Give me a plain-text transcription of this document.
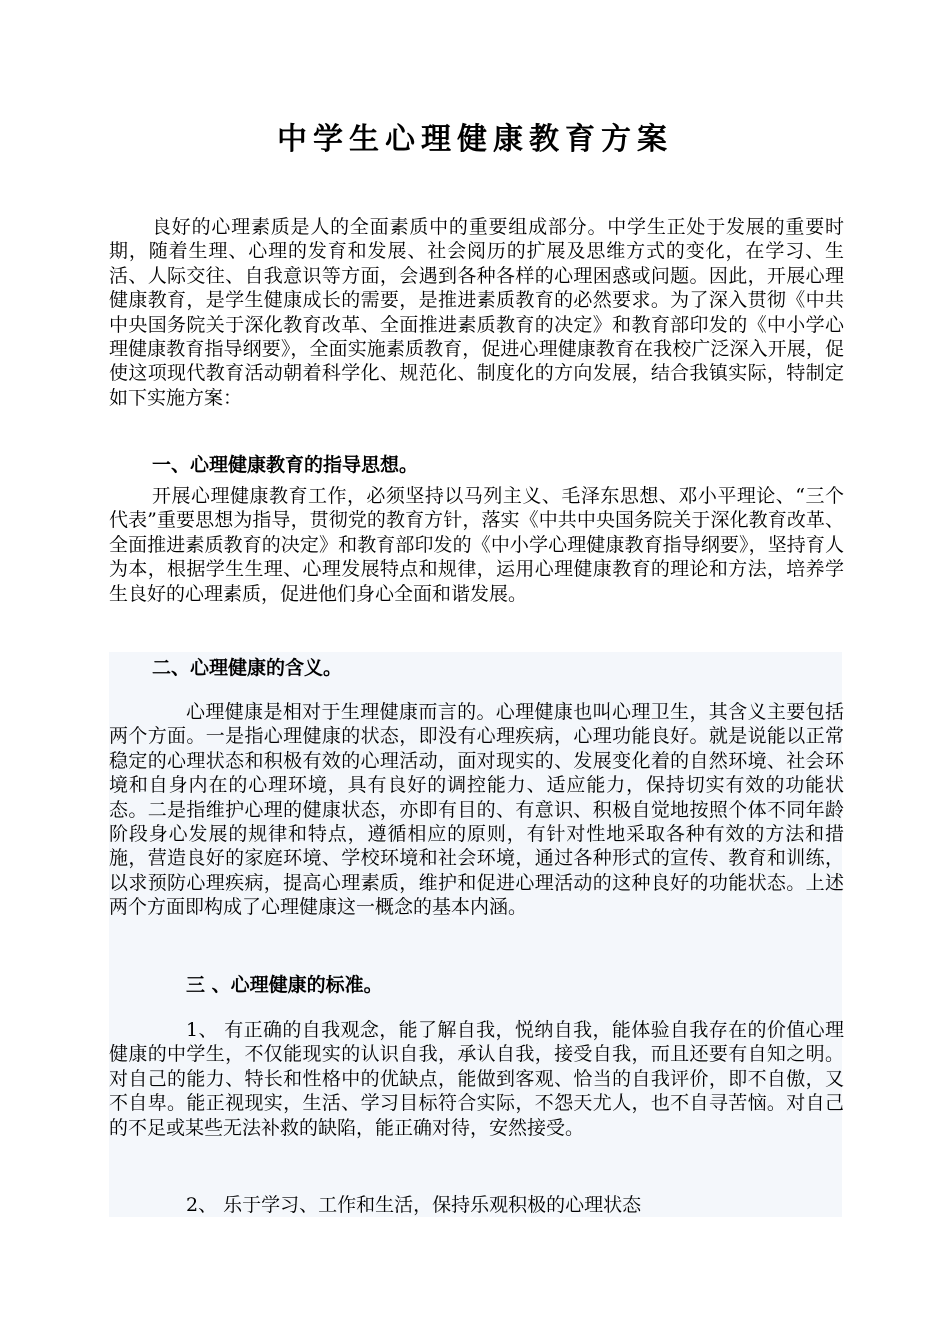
中学生心理健康教育方案
良好的心理素质是人的全面素质中的重要组成部分。中学生正处于发展的重要时期，随着生理、心理的发育和发展、社会阅历的扩展及思维方式的变化，在学习、生活、人际交往、自我意识等方面，会遇到各种各样的心理困惑或问题。因此，开展心理健康教育，是学生健康成长的需要，是推进素质教育的必然要求。为了深入贯彻《中共中央国务院关于深化教育改革、全面推进素质教育的决定》和教育部印发的《中小学心理健康教育指导纲要》，全面实施素质教育，促进心理健康教育在我校广泛深入开展，促使这项现代教育活动朝着科学化、规范化、制度化的方向发展，结合我镇实际，特制定如下实施方案：
一、心理健康教育的指导思想。
开展心理健康教育工作，必须坚持以马列主义、毛泽东思想、邓小平理论、“三个代表”重要思想为指导，贯彻党的教育方针，落实《中共中央国务院关于深化教育改革、全面推进素质教育的决定》和教育部印发的《中小学心理健康教育指导纲要》，坚持育人为本，根据学生生理、心理发展特点和规律，运用心理健康教育的理论和方法，培养学生良好的心理素质，促进他们身心全面和谐发展。
二、心理健康的含义。
心理健康是相对于生理健康而言的。心理健康也叫心理卫生，其含义主要包括两个方面。一是指心理健康的状态，即没有心理疾病，心理功能良好。就是说能以正常稳定的心理状态和积极有效的心理活动，面对现实的、发展变化着的自然环境、社会环境和自身内在的心理环境，具有良好的调控能力、适应能力，保持切实有效的功能状态。二是指维护心理的健康状态，亦即有目的、有意识、积极自觉地按照个体不同年龄阶段身心发展的规律和特点，遵循相应的原则，有针对性地采取各种有效的方法和措施，营造良好的家庭环境、学校环境和社会环境，通过各种形式的宣传、教育和训练，以求预防心理疾病，提高心理素质，维护和促进心理活动的这种良好的功能状态。上述两个方面即构成了心理健康这一概念的基本内涵。
三 、心理健康的标准。
1、 有正确的自我观念，能了解自我，悦纳自我，能体验自我存在的价值心理健康的中学生，不仅能现实的认识自我，承认自我，接受自我，而且还要有自知之明。对自己的能力、特长和性格中的优缺点，能做到客观、恰当的自我评价，即不自傲，又不自卑。能正视现实，生活、学习目标符合实际，不怨天尤人，也不自寻苦恼。对自己的不足或某些无法补救的缺陷，能正确对待，安然接受。
2、 乐于学习、工作和生活，保持乐观积极的心理状态
